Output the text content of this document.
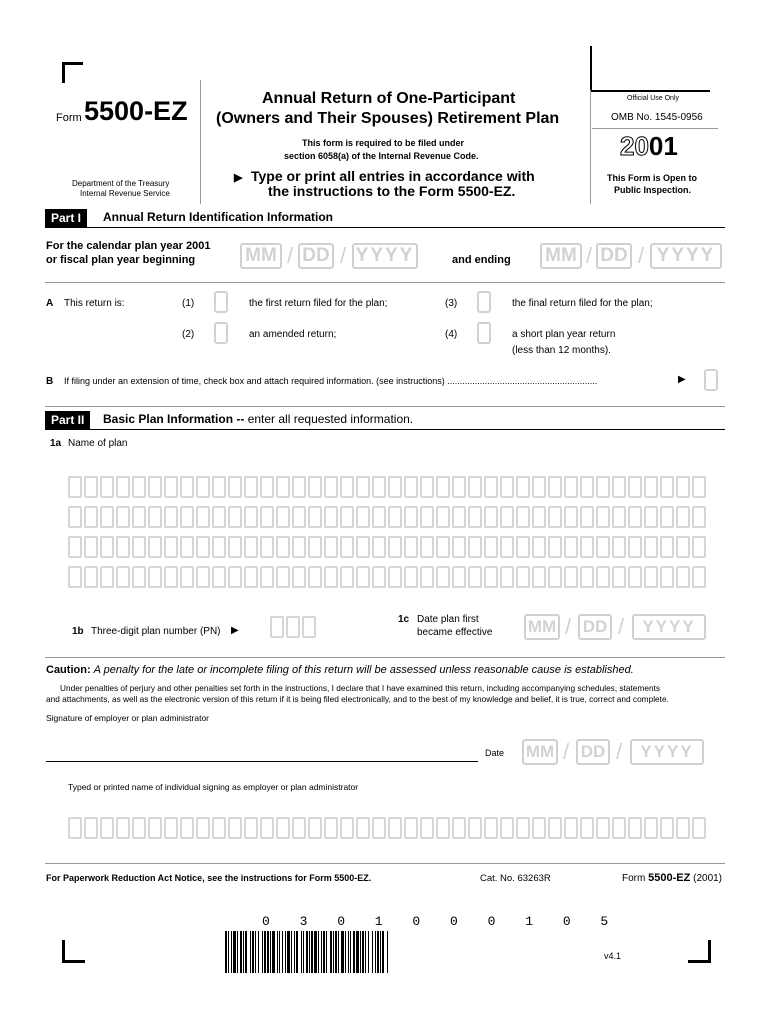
Form 5500-EZ
Department of the Treasury
Internal Revenue Service
Annual Return of One-Participant
(Owners and Their Spouses) Retirement Plan
This form is required to be filed under
section 6058(a) of the Internal Revenue Code.
▶ Type or print all entries in accordance with
the instructions to the Form 5500-EZ.
Official Use Only
OMB No. 1545-0956
2001
This Form is Open to
Public Inspection.
Part I	Annual Return Identification Information
For the calendar plan year 2001
or fiscal plan year beginning	MM / DD / YYYY	and ending MM / DD / YYYY
A This return is:	(1)	the first return filed for the plan;	(3)	the final return filed for the plan;
(2)	an amended return;	(4)	a short plan year return
(less than 12 months).
B If filing under an extension of time, check box and attach required information. (see instructions) ............................................................	▶
Part II	Basic Plan Information -- enter all requested information.
1a Name of plan
1b Three-digit plan number (PN) ▶
1c Date plan first
became effective MM / DD /	YYYY
Caution: A penalty for the late or incomplete filing of this return will be assessed unless reasonable cause is established.
Under penalties of perjury and other penalties set forth in the instructions, I declare that I have examined this return, including accompanying schedules, statements
and attachments, as well as the electronic version of this return if it is being filed electronically, and to the best of my knowledge and belief, it is true, correct and complete.
Signature of employer or plan administrator
Date MM / DD /	YYYY
Typed or printed name of individual signing as employer or plan administrator
For Paperwork Reduction Act Notice, see the instructions for Form 5500-EZ.	Cat. No. 63263R	Form 5500-EZ (2001)
0 3 0 1 0 0 0 1 0 5
v4.1
